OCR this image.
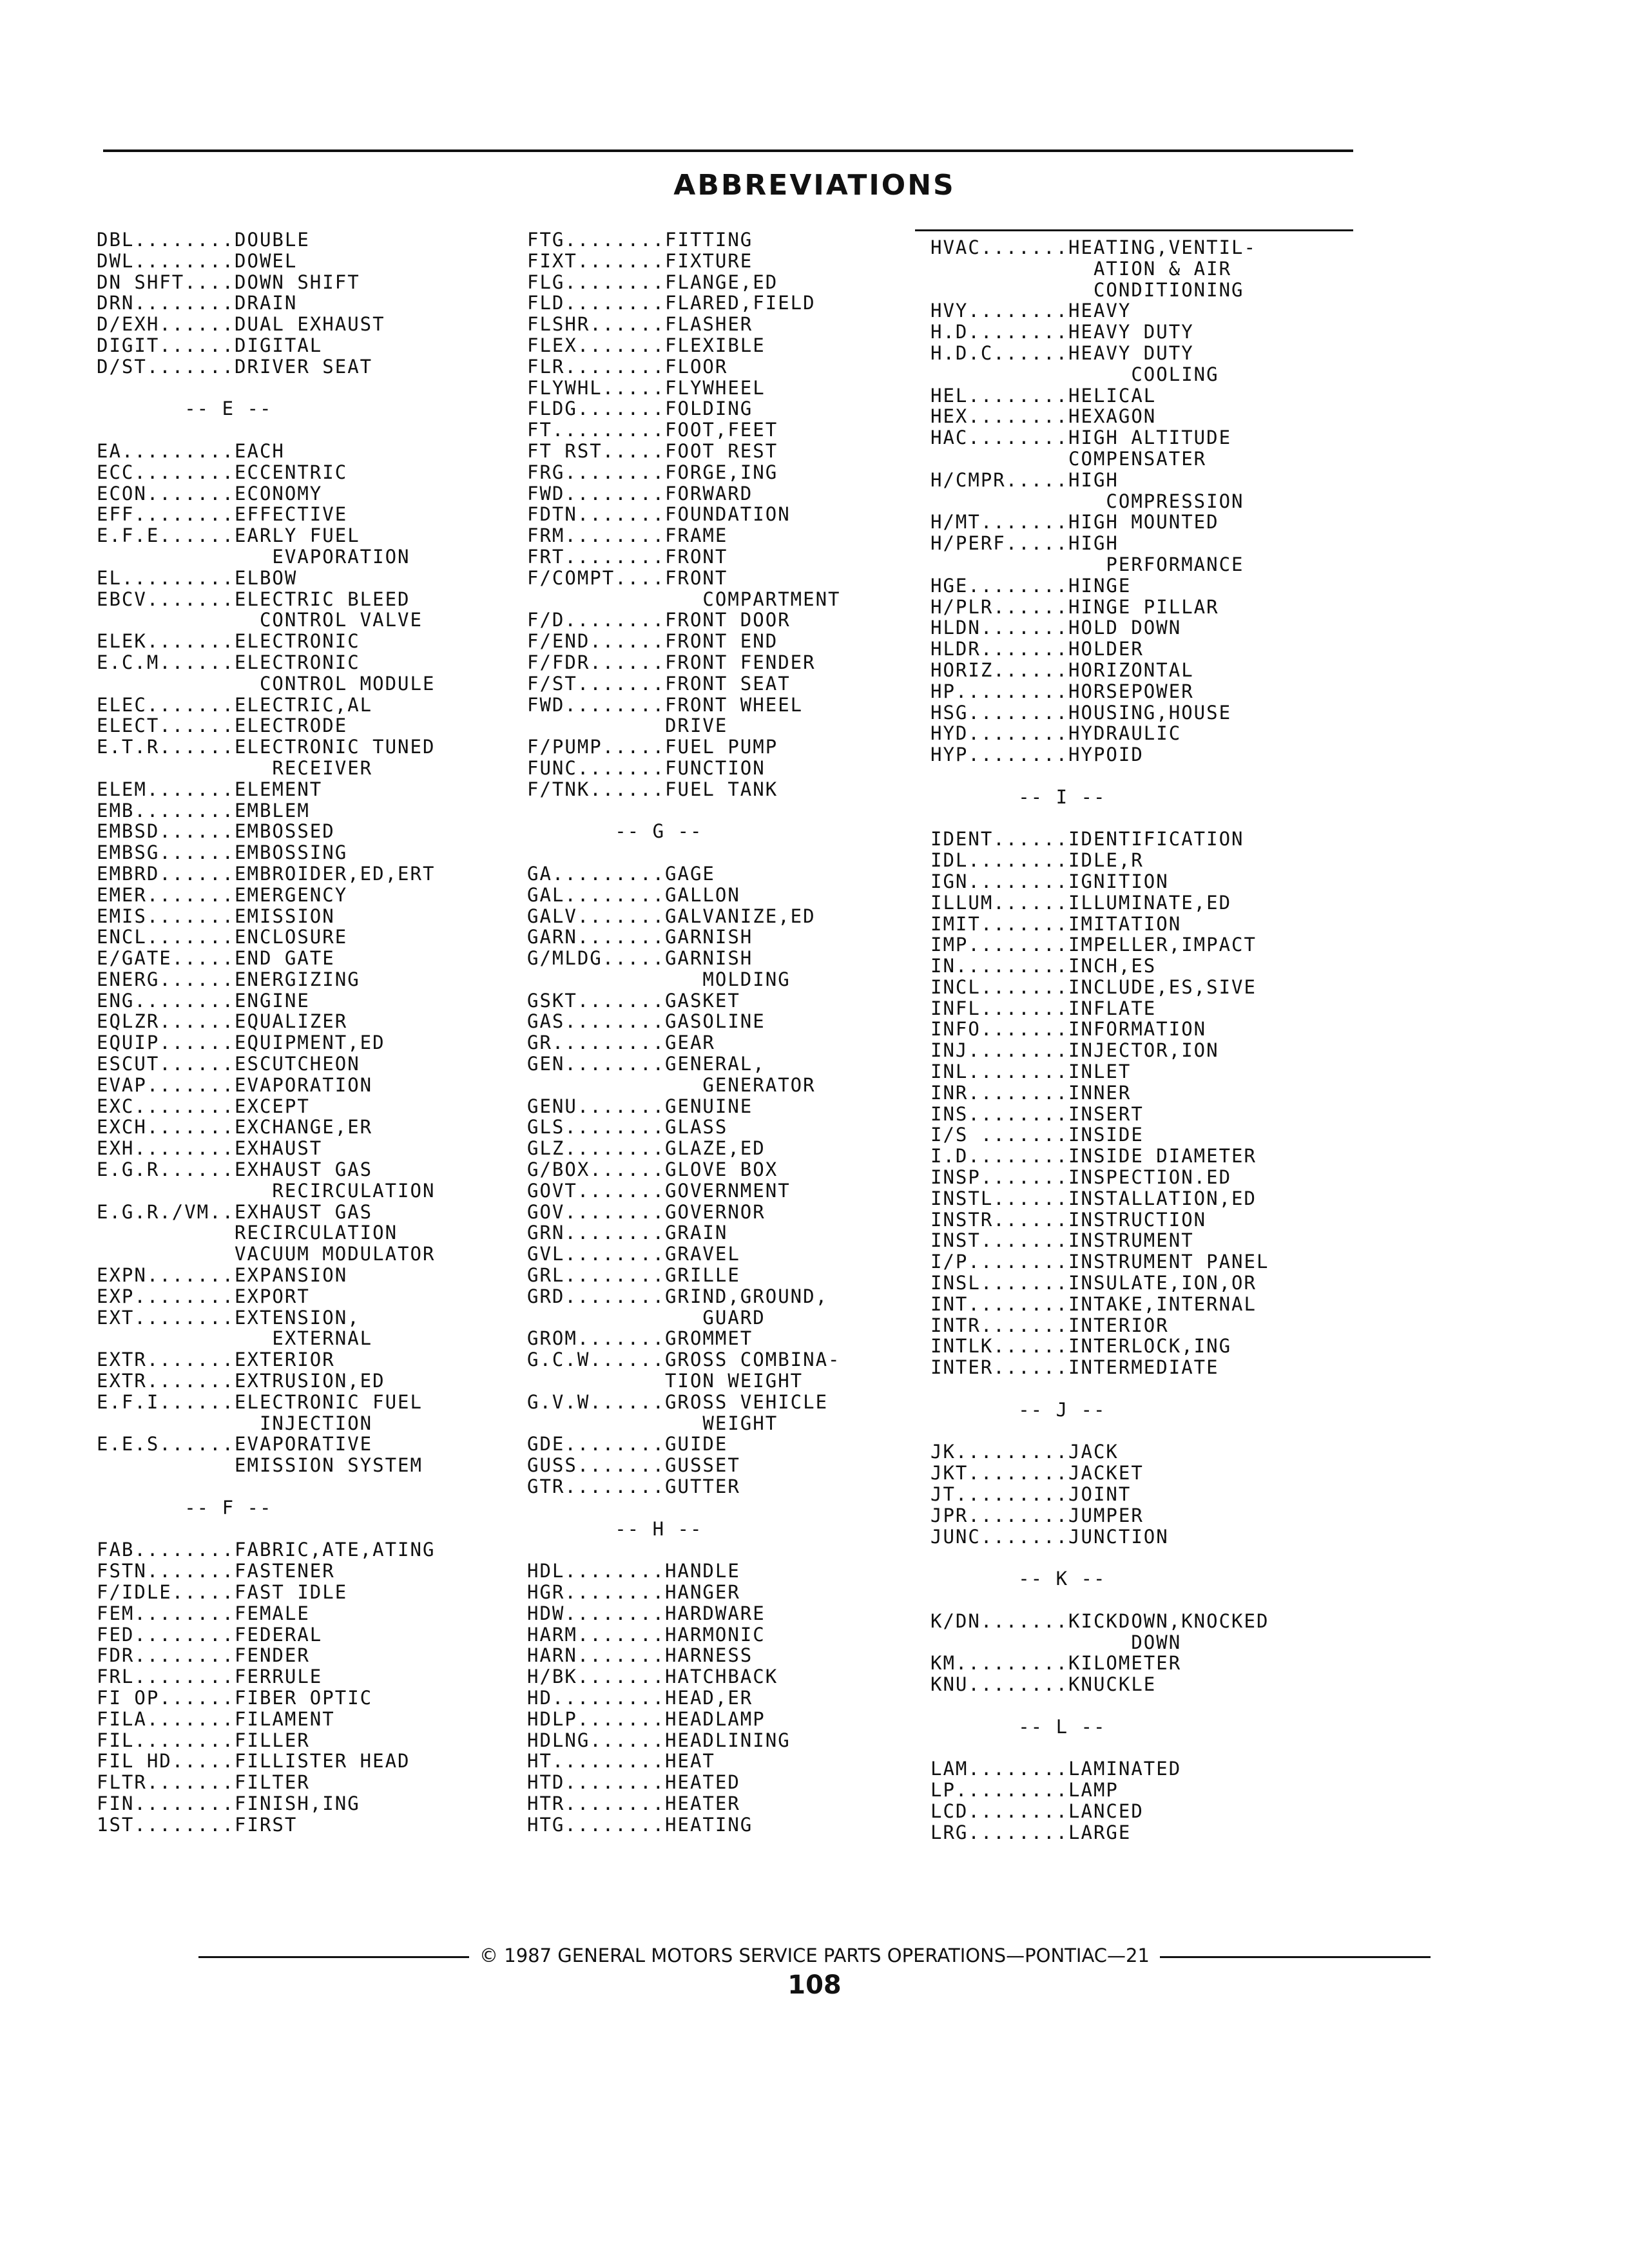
ABBREVIATIONS
DBL........DOUBLE
DWL........DOWEL
DN SHFT....DOWN SHIFT
DRN........DRAIN
D/EXH......DUAL EXHAUST
DIGIT......DIGITAL
D/ST.......DRIVER SEAT
-- E --
EA.........EACH
ECC........ECCENTRIC
ECON.......ECONOMY
EFF........EFFECTIVE
E.F.E......EARLY FUEL
EVAPORATION
EL.........ELBOW
EBCV.......ELECTRIC BLEED
CONTROL VALVE
ELEK.......ELECTRONIC
E.C.M......ELECTRONIC
CONTROL MODULE
ELEC.......ELECTRIC,AL
ELECT......ELECTRODE
E.T.R......ELECTRONIC TUNED
RECEIVER
ELEM.......ELEMENT
EMB........EMBLEM
EMBSD......EMBOSSED
EMBSG......EMBOSSING
EMBRD......EMBROIDER,ED,ERT
EMER.......EMERGENCY
EMIS.......EMISSION
ENCL.......ENCLOSURE
E/GATE.....END GATE
ENERG......ENERGIZING
ENG........ENGINE
EQLZR......EQUALIZER
EQUIP......EQUIPMENT,ED
ESCUT......ESCUTCHEON
EVAP.......EVAPORATION
EXC........EXCEPT
EXCH.......EXCHANGE,ER
EXH........EXHAUST
E.G.R......EXHAUST GAS
RECIRCULATION
E.G.R./VM..EXHAUST GAS
RECIRCULATION
VACUUM MODULATOR
EXPN.......EXPANSION
EXP........EXPORT
EXT........EXTENSION,
EXTERNAL
EXTR.......EXTERIOR
EXTR.......EXTRUSION,ED
E.F.I......ELECTRONIC FUEL
INJECTION
E.E.S......EVAPORATIVE
EMISSION SYSTEM
-- F --
FAB........FABRIC,ATE,ATING
FSTN.......FASTENER
F/IDLE.....FAST IDLE
FEM........FEMALE
FED........FEDERAL
FDR........FENDER
FRL........FERRULE
FI OP......FIBER OPTIC
FILA.......FILAMENT
FIL........FILLER
FIL HD.....FILLISTER HEAD
FLTR.......FILTER
FIN........FINISH,ING
1ST........FIRST
FTG........FITTING
FIXT.......FIXTURE
FLG........FLANGE,ED
FLD........FLARED,FIELD
FLSHR......FLASHER
FLEX.......FLEXIBLE
FLR........FLOOR
FLYWHL.....FLYWHEEL
FLDG.......FOLDING
FT.........FOOT,FEET
FT RST.....FOOT REST
FRG........FORGE,ING
FWD........FORWARD
FDTN.......FOUNDATION
FRM........FRAME
FRT........FRONT
F/COMPT....FRONT
COMPARTMENT
F/D........FRONT DOOR
F/END......FRONT END
F/FDR......FRONT FENDER
F/ST.......FRONT SEAT
FWD........FRONT WHEEL
DRIVE
F/PUMP.....FUEL PUMP
FUNC.......FUNCTION
F/TNK......FUEL TANK
-- G --
GA.........GAGE
GAL........GALLON
GALV.......GALVANIZE,ED
GARN.......GARNISH
G/MLDG.....GARNISH
MOLDING
GSKT.......GASKET
GAS........GASOLINE
GR.........GEAR
GEN........GENERAL,
GENERATOR
GENU.......GENUINE
GLS........GLASS
GLZ........GLAZE,ED
G/BOX......GLOVE BOX
GOVT.......GOVERNMENT
GOV........GOVERNOR
GRN........GRAIN
GVL........GRAVEL
GRL........GRILLE
GRD........GRIND,GROUND,
GUARD
GROM.......GROMMET
G.C.W......GROSS COMBINA-
TION WEIGHT
G.V.W......GROSS VEHICLE
WEIGHT
GDE........GUIDE
GUSS.......GUSSET
GTR........GUTTER
-- H --
HDL........HANDLE
HGR........HANGER
HDW........HARDWARE
HARM.......HARMONIC
HARN.......HARNESS
H/BK.......HATCHBACK
HD.........HEAD,ER
HDLP.......HEADLAMP
HDLNG......HEADLINING
HT.........HEAT
HTD........HEATED
HTR........HEATER
HTG........HEATING
HVAC.......HEATING,VENTIL-
ATION & AIR
CONDITIONING
HVY........HEAVY
H.D........HEAVY DUTY
H.D.C......HEAVY DUTY
COOLING
HEL........HELICAL
HEX........HEXAGON
HAC........HIGH ALTITUDE
COMPENSATER
H/CMPR.....HIGH
COMPRESSION
H/MT.......HIGH MOUNTED
H/PERF.....HIGH
PERFORMANCE
HGE........HINGE
H/PLR......HINGE PILLAR
HLDN.......HOLD DOWN
HLDR.......HOLDER
HORIZ......HORIZONTAL
HP.........HORSEPOWER
HSG........HOUSING,HOUSE
HYD........HYDRAULIC
HYP........HYPOID
-- I --
IDENT......IDENTIFICATION
IDL........IDLE,R
IGN........IGNITION
ILLUM......ILLUMINATE,ED
IMIT.......IMITATION
IMP........IMPELLER,IMPACT
IN.........INCH,ES
INCL.......INCLUDE,ES,SIVE
INFL.......INFLATE
INFO.......INFORMATION
INJ........INJECTOR,ION
INL........INLET
INR........INNER
INS........INSERT
I/S .......INSIDE
I.D........INSIDE DIAMETER
INSP.......INSPECTION.ED
INSTL......INSTALLATION,ED
INSTR......INSTRUCTION
INST.......INSTRUMENT
I/P........INSTRUMENT PANEL
INSL.......INSULATE,ION,OR
INT........INTAKE,INTERNAL
INTR.......INTERIOR
INTLK......INTERLOCK,ING
INTER......INTERMEDIATE
-- J --
JK.........JACK
JKT........JACKET
JT.........JOINT
JPR........JUMPER
JUNC.......JUNCTION
-- K --
K/DN.......KICKDOWN,KNOCKED
DOWN
KM.........KILOMETER
KNU........KNUCKLE
-- L --
LAM........LAMINATED
LP.........LAMP
LCD........LANCED
LRG........LARGE
© 1987 GENERAL MOTORS SERVICE PARTS OPERATIONS—PONTIAC—21
108
